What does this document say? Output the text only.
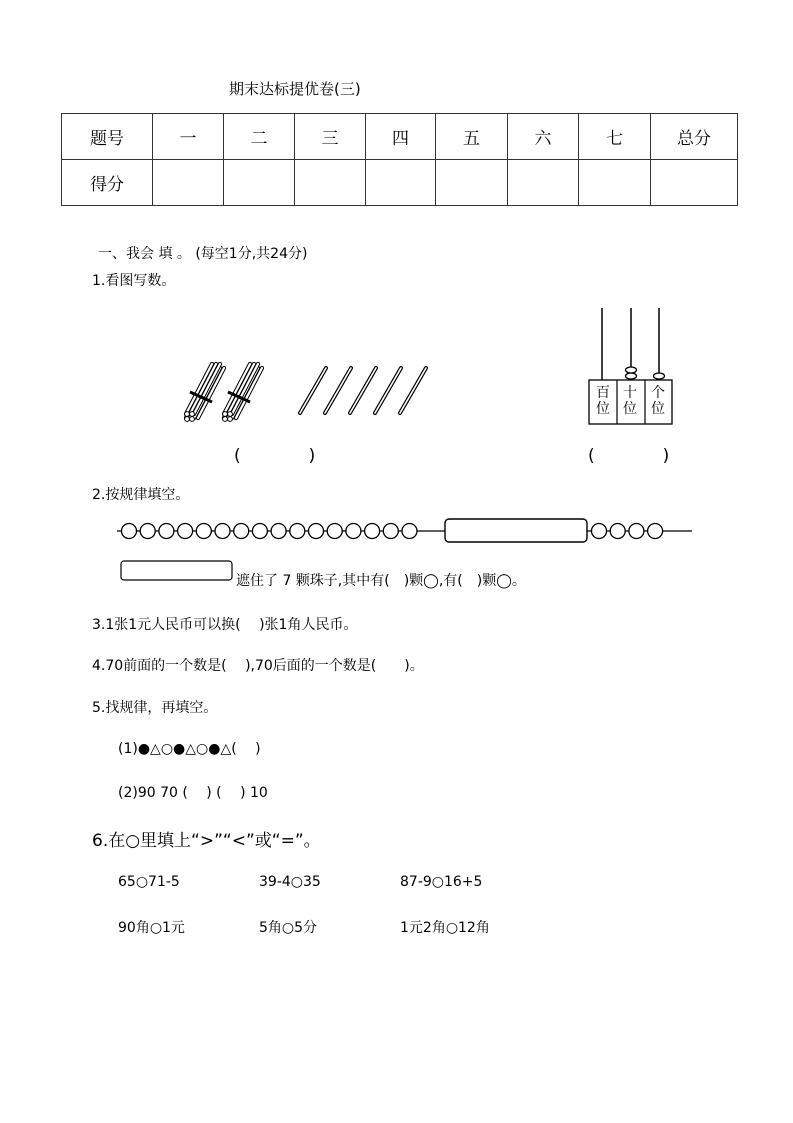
期末达标提优卷(三)
题号	一	二	三	四	五	六	七	总分
得分								
一、我会 填 。 (每空1分,共24分)
1.看图写数。
(　　　　)	(　　　　)
百位
十位
个位
2.按规律填空。
遮住了 7 颗珠子,其中有(　)颗◯,有(　)颗◯。
3.1张1元人民币可以换(　 )张1角人民币。
4.70前面的一个数是(　 ),70后面的一个数是(　　)。
5.找规律，再填空。
(1)●△○●△○●△(　 )
(2)90 70 (　 ) (　 ) 10
6.在○里填上“>”“<”或“=”。
65○71-5	39-4○35	87-9○16+5
90角○1元	5角○5分	1元2角○12角
